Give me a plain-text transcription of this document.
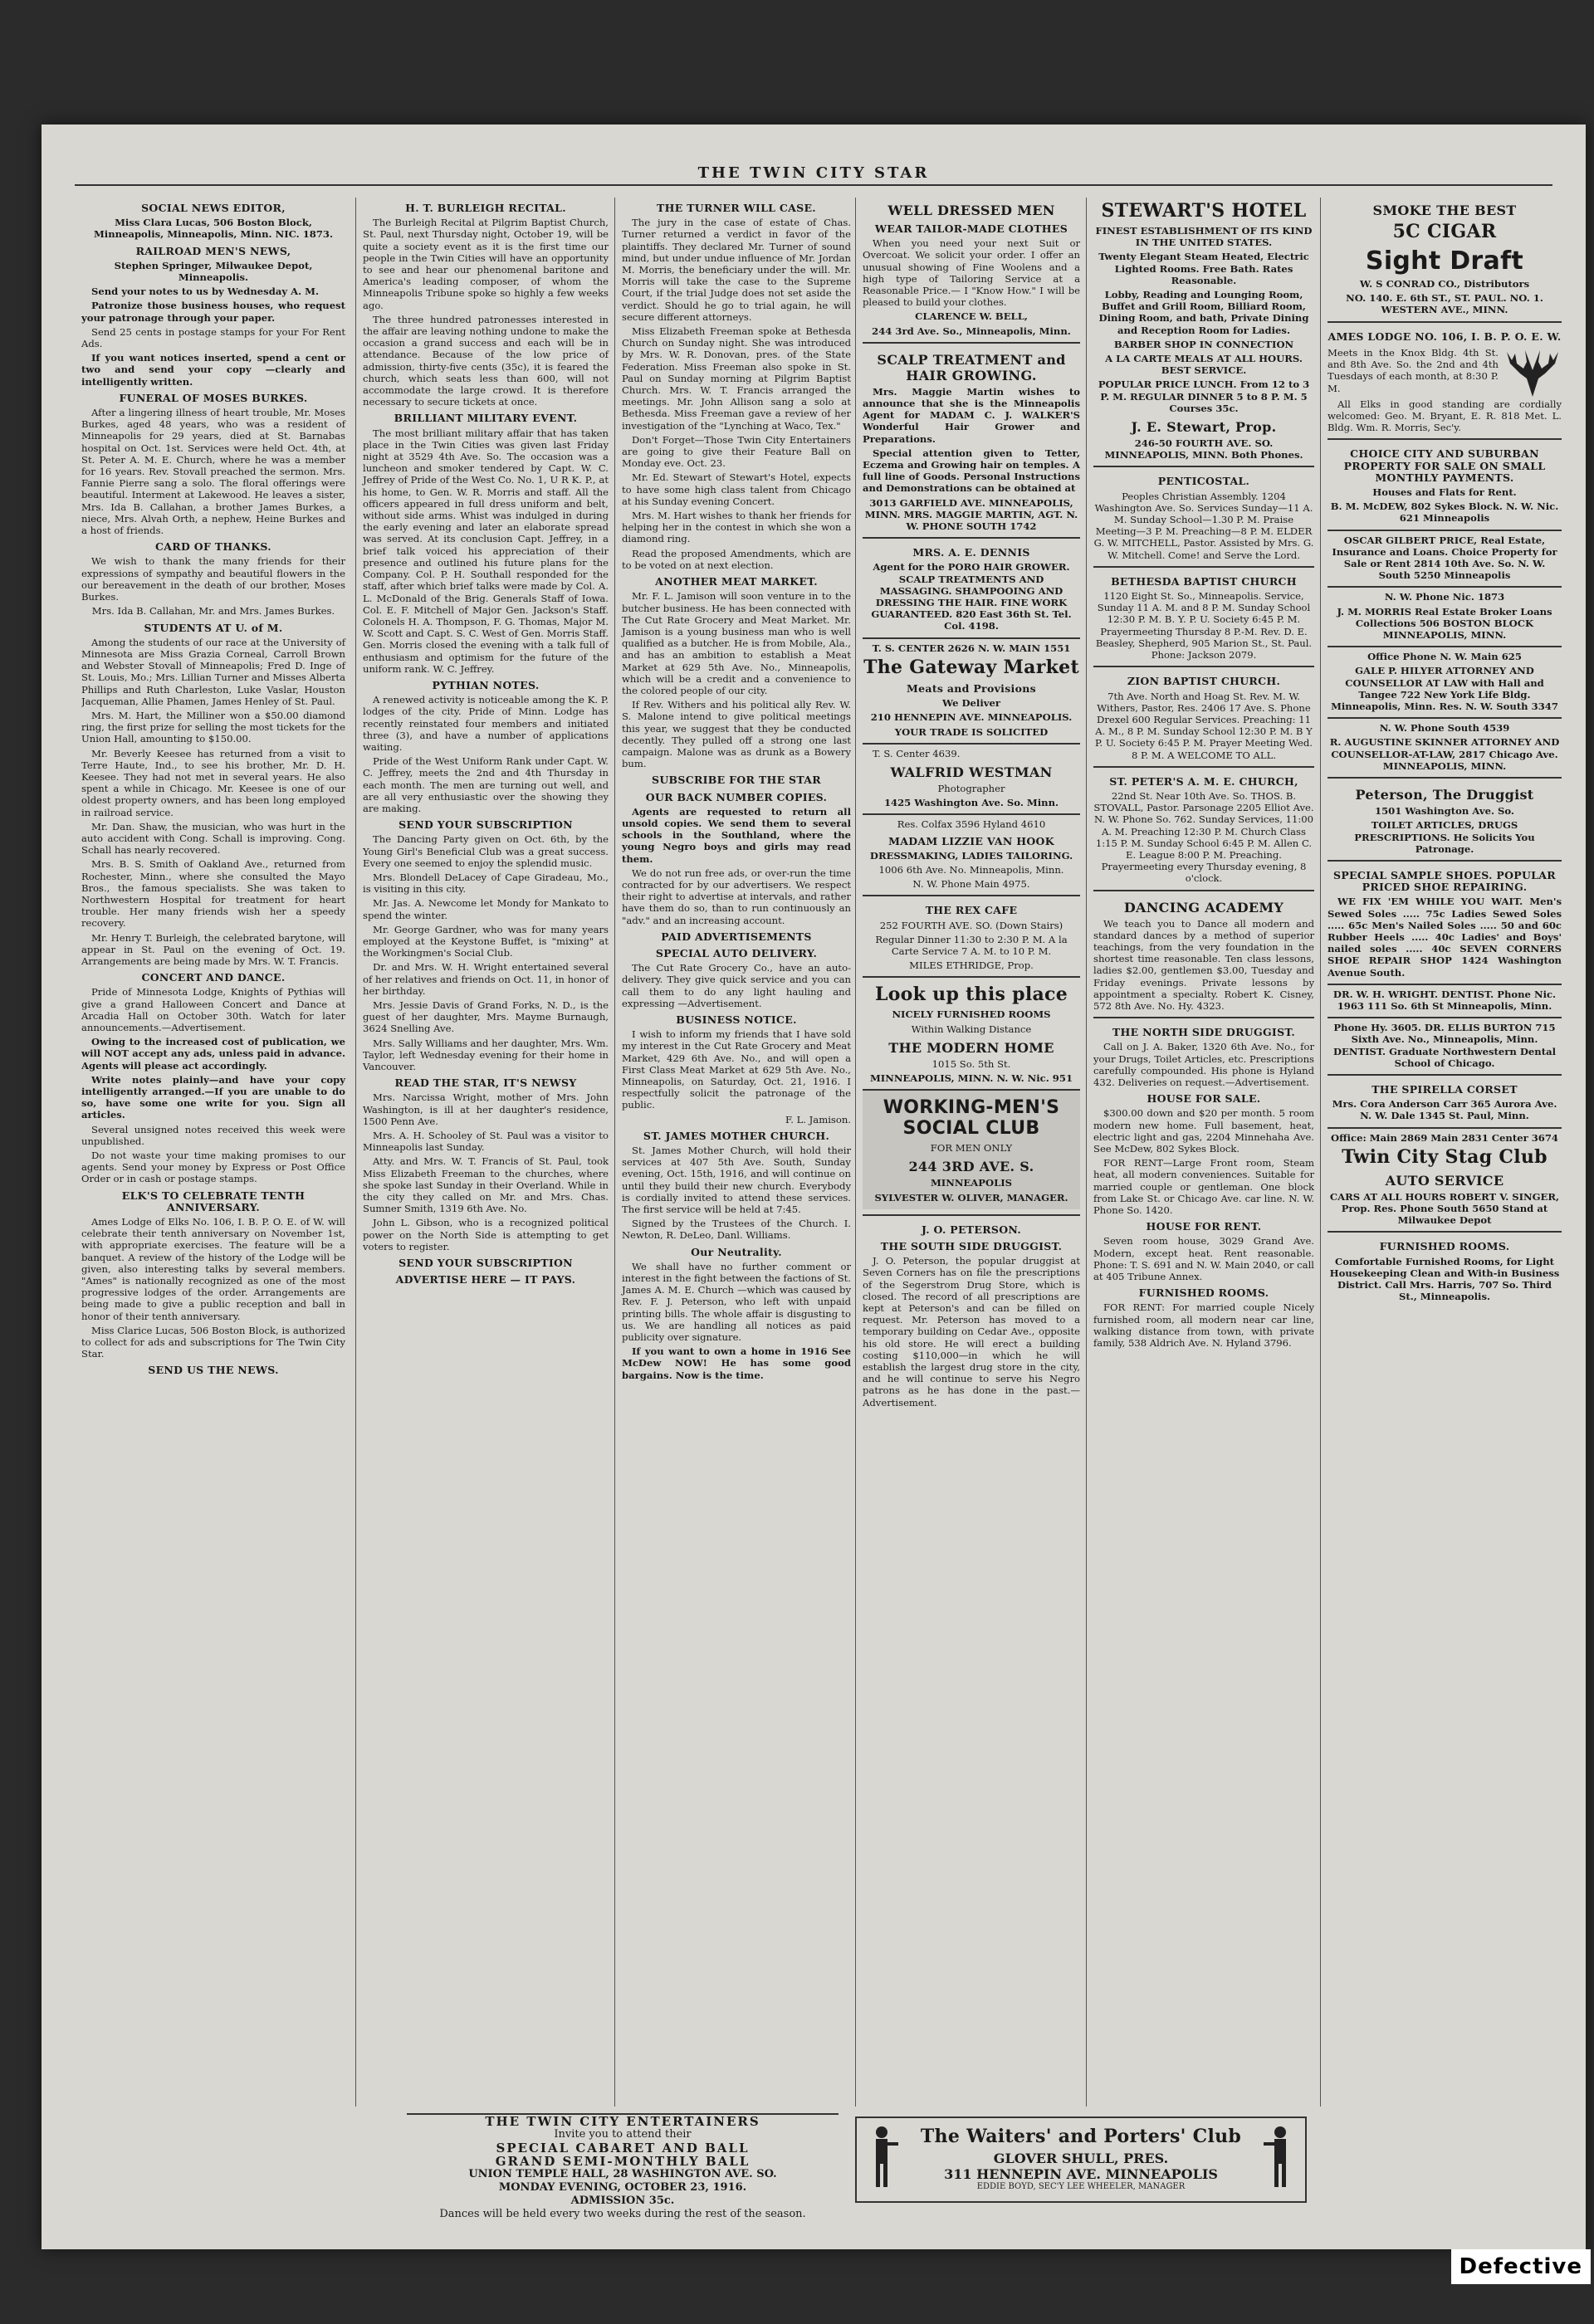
THE TWIN CITY STAR
SOCIAL NEWS EDITOR,

Miss Clara Lucas, 506 Boston Block, Minneapolis, Minneapolis, Minn. NIC. 1873.

RAILROAD MEN'S NEWS,

Stephen Springer, Milwaukee Depot, Minneapolis.

Send your notes to us by Wednesday A. M.

Patronize those business houses, who request your patronage through your paper.

Send 25 cents in postage stamps for your For Rent Ads.

If you want notices inserted, spend a cent or two and send your copy —clearly and intelligently written.

FUNERAL OF MOSES BURKES.

After a lingering illness of heart trouble, Mr. Moses Burkes, aged 48 years, who was a resident of Minneapolis for 29 years, died at St. Barnabas hospital on Oct. 1st. Services were held Oct. 4th, at St. Peter A. M. E. Church, where he was a member for 16 years. Rev. Stovall preached the sermon. Mrs. Fannie Pierre sang a solo. The floral offerings were beautiful. Interment at Lakewood. He leaves a sister, Mrs. Ida B. Callahan, a brother James Burkes, a niece, Mrs. Alvah Orth, a nephew, Heine Burkes and a host of friends.

CARD OF THANKS.

We wish to thank the many friends for their expressions of sympathy and beautiful flowers in the our bereavement in the death of our brother, Moses Burkes.

Mrs. Ida B. Callahan, Mr. and Mrs. James Burkes.

STUDENTS AT U. of M.

Among the students of our race at the University of Minnesota are Miss Grazia Corneal, Carroll Brown and Webster Stovall of Minneapolis; Fred D. Inge of St. Louis, Mo.; Mrs. Lillian Turner and Misses Alberta Phillips and Ruth Charleston, Luke Vaslar, Houston Jacqueman, Allie Phamen, James Henley of St. Paul.

Mrs. M. Hart, the Milliner won a $50.00 diamond ring, the first prize for selling the most tickets for the Union Hall, amounting to $150.00.

Mr. Beverly Keesee has returned from a visit to Terre Haute, Ind., to see his brother, Mr. D. H. Keesee. They had not met in several years. He also spent a while in Chicago. Mr. Keesee is one of our oldest property owners, and has been long employed in railroad service.

Mr. Dan. Shaw, the musician, who was hurt in the auto accident with Cong. Schall is improving. Cong. Schall has nearly recovered.

Mrs. B. S. Smith of Oakland Ave., returned from Rochester, Minn., where she consulted the Mayo Bros., the famous specialists. She was taken to Northwestern Hospital for treatment for heart trouble. Her many friends wish her a speedy recovery.

Mr. Henry T. Burleigh, the celebrated barytone, will appear in St. Paul on the evening of Oct. 19. Arrangements are being made by Mrs. W. T. Francis.

CONCERT AND DANCE.

Pride of Minnesota Lodge, Knights of Pythias will give a grand Halloween Concert and Dance at Arcadia Hall on October 30th. Watch for later announcements.—Advertisement.

Owing to the increased cost of publication, we will NOT accept any ads, unless paid in advance. Agents will please act accordingly.

Write notes plainly—and have your copy intelligently arranged.—If you are unable to do so, have some one write for you. Sign all articles.

Several unsigned notes received this week were unpublished.

Do not waste your time making promises to our agents. Send your money by Express or Post Office Order or in cash or postage stamps.

ELK'S TO CELEBRATE TENTH ANNIVERSARY.

Ames Lodge of Elks No. 106, I. B. P. O. E. of W. will celebrate their tenth anniversary on November 1st, with appropriate exercises. The feature will be a banquet. A review of the history of the Lodge will be given, also interesting talks by several members. "Ames" is nationally recognized as one of the most progressive lodges of the order. Arrangements are being made to give a public reception and ball in honor of their tenth anniversary.

Miss Clarice Lucas, 506 Boston Block, is authorized to collect for ads and subscriptions for The Twin City Star.

SEND US THE NEWS.
H. T. BURLEIGH RECITAL.

The Burleigh Recital at Pilgrim Baptist Church, St. Paul, next Thursday night, October 19, will be quite a society event as it is the first time our people in the Twin Cities will have an opportunity to see and hear our phenomenal baritone and America's leading composer, of whom the Minneapolis Tribune spoke so highly a few weeks ago.

The three hundred patronesses interested in the affair are leaving nothing undone to make the occasion a grand success and each will be in attendance. Because of the low price of admission, thirty-five cents (35c), it is feared the church, which seats less than 600, will not accommodate the large crowd. It is therefore necessary to secure tickets at once.

BRILLIANT MILITARY EVENT.

The most brilliant military affair that has taken place in the Twin Cities was given last Friday night at 3529 4th Ave. So. The occasion was a luncheon and smoker tendered by Capt. W. C. Jeffrey of Pride of the West Co. No. 1, U R K. P., at his home, to Gen. W. R. Morris and staff. All the officers appeared in full dress uniform and belt, without side arms. Whist was indulged in during the early evening and later an elaborate spread was served. At its conclusion Capt. Jeffrey, in a brief talk voiced his appreciation of their presence and outlined his future plans for the Company. Col. P. H. Southall responded for the staff, after which brief talks were made by Col. A. L. McDonald of the Brig. Generals Staff of Iowa. Col. E. F. Mitchell of Major Gen. Jackson's Staff. Colonels H. A. Thompson, F. G. Thomas, Major M. W. Scott and Capt. S. C. West of Gen. Morris Staff. Gen. Morris closed the evening with a talk full of enthusiasm and optimism for the future of the uniform rank. W. C. Jeffrey.

PYTHIAN NOTES.

A renewed activity is noticeable among the K. P. lodges of the city. Pride of Minn. Lodge has recently reinstated four members and initiated three (3), and have a number of applications waiting.

Pride of the West Uniform Rank under Capt. W. C. Jeffrey, meets the 2nd and 4th Thursday in each month. The men are turning out well, and are all very enthusiastic over the showing they are making.

SEND YOUR SUBSCRIPTION

The Dancing Party given on Oct. 6th, by the Young Girl's Beneficial Club was a great success. Every one seemed to enjoy the splendid music.

Mrs. Blondell DeLacey of Cape Giradeau, Mo., is visiting in this city.

Mr. Jas. A. Newcome let Mondy for Mankato to spend the winter.

Mr. George Gardner, who was for many years employed at the Keystone Buffet, is "mixing" at the Workingmen's Social Club.

Dr. and Mrs. W. H. Wright entertained several of her relatives and friends on Oct. 11, in honor of her birthday.

Mrs. Jessie Davis of Grand Forks, N. D., is the guest of her daughter, Mrs. Mayme Burnaugh, 3624 Snelling Ave.

Mrs. Sally Williams and her daughter, Mrs. Wm. Taylor, left Wednesday evening for their home in Vancouver.

READ THE STAR, IT'S NEWSY

Mrs. Narcissa Wright, mother of Mrs. John Washington, is ill at her daughter's residence, 1500 Penn Ave.

Mrs. A. H. Schooley of St. Paul was a visitor to Minneapolis last Sunday.

Atty. and Mrs. W. T. Francis of St. Paul, took Miss Elizabeth Freeman to the churches, where she spoke last Sunday in their Overland. While in the city they called on Mr. and Mrs. Chas. Sumner Smith, 1319 6th Ave. No.

John L. Gibson, who is a recognized political power on the North Side is attempting to get voters to register.

SEND YOUR SUBSCRIPTION
ADVERTISE HERE — IT PAYS.
THE TURNER WILL CASE.

The jury in the case of estate of Chas. Turner returned a verdict in favor of the plaintiffs. They declared Mr. Turner of sound mind, but under undue influence of Mr. Jordan M. Morris, the beneficiary under the will. Mr. Morris will take the case to the Supreme Court, if the trial Judge does not set aside the verdict. Should he go to trial again, he will secure different attorneys.

Miss Elizabeth Freeman spoke at Bethesda Church on Sunday night. She was introduced by Mrs. W. R. Donovan, pres. of the State Federation. Miss Freeman also spoke in St. Paul on Sunday morning at Pilgrim Baptist Church. Mrs. W. T. Francis arranged the meetings. Mr. John Allison sang a solo at Bethesda. Miss Freeman gave a review of her investigation of the "Lynching at Waco, Tex."

Don't Forget—Those Twin City Entertainers are going to give their Feature Ball on Monday eve. Oct. 23.

Mr. Ed. Stewart of Stewart's Hotel, expects to have some high class talent from Chicago at his Sunday evening Concert.

Mrs. M. Hart wishes to thank her friends for helping her in the contest in which she won a diamond ring.

Read the proposed Amendments, which are to be voted on at next election.

ANOTHER MEAT MARKET.

Mr. F. L. Jamison will soon venture in to the butcher business. He has been connected with The Cut Rate Grocery and Meat Market. Mr. Jamison is a young business man who is well qualified as a butcher. He is from Mobile, Ala., and has an ambition to establish a Meat Market at 629 5th Ave. No., Minneapolis, which will be a credit and a convenience to the colored people of our city.

If Rev. Withers and his political ally Rev. W. S. Malone intend to give political meetings this year, we suggest that they be conducted decently. They pulled off a strong one last campaign. Malone was as drunk as a Bowery bum.

SUBSCRIBE FOR THE STAR
OUR BACK NUMBER COPIES.

Agents are requested to return all unsold copies. We send them to several schools in the Southland, where the young Negro boys and girls may read them.

We do not run free ads, or over-run the time contracted for by our advertisers. We respect their right to advertise at intervals, and rather have them do so, than to run continuously an "adv." and an increasing account.

PAID ADVERTISEMENTS
SPECIAL AUTO DELIVERY.

The Cut Rate Grocery Co., have an auto-delivery. They give quick service and you can call them to do any light hauling and expressing —Advertisement.

BUSINESS NOTICE.

I wish to inform my friends that I have sold my interest in the Cut Rate Grocery and Meat Market, 429 6th Ave. No., and will open a First Class Meat Market at 629 5th Ave. No., Minneapolis, on Saturday, Oct. 21, 1916. I respectfully solicit the patronage of the public.

F. L. Jamison.

ST. JAMES MOTHER CHURCH.

St. James Mother Church, will hold their services at 407 5th Ave. South, Sunday evening, Oct. 15th, 1916, and will continue on until they build their new church. Everybody is cordially invited to attend these services. The first service will be held at 7:45.

Signed by the Trustees of the Church. I. Newton, R. DeLeo, Danl. Williams.

Our Neutrality.

We shall have no further comment or interest in the fight between the factions of St. James A. M. E. Church —which was caused by Rev. F. J. Peterson, who left with unpaid printing bills. The whole affair is disgusting to us. We are handling all notices as paid publicity over signature.

If you want to own a home in 1916 See McDew NOW! He has some good bargains. Now is the time.

WELL DRESSED MEN
WEAR TAILOR-MADE CLOTHES

When you need your next Suit or Overcoat. We solicit your order. I offer an unusual showing of Fine Woolens and a high type of Tailoring Service at a Reasonable Price.— I "Know How." I will be pleased to build your clothes.

CLARENCE W. BELL,

244 3rd Ave. So., Minneapolis, Minn.

SCALP TREATMENT and HAIR GROWING.

Mrs. Maggie Martin wishes to announce that she is the Minneapolis Agent for MADAM C. J. WALKER'S Wonderful Hair Grower and Preparations.

Special attention given to Tetter, Eczema and Growing hair on temples. A full line of Goods. Personal Instructions and Demonstrations can be obtained at

3013 GARFIELD AVE. MINNEAPOLIS, MINN. MRS. MAGGIE MARTIN, AGT. N. W. PHONE SOUTH 1742

MRS. A. E. DENNIS

Agent for the PORO HAIR GROWER. SCALP TREATMENTS AND MASSAGING. SHAMPOOING AND DRESSING THE HAIR. FINE WORK GUARANTEED. 820 East 36th St. Tel. Col. 4198.

T. S. CENTER 2626 N. W. MAIN 1551

The Gateway Market
Meats and Provisions

We Deliver

210 HENNEPIN AVE. MINNEAPOLIS.

YOUR TRADE IS SOLICITED

T. S. Center 4639.

WALFRID WESTMAN

Photographer

1425 Washington Ave. So. Minn.

Res. Colfax 3596 Hyland 4610

MADAM LIZZIE VAN HOOK

DRESSMAKING, LADIES TAILORING.

1006 6th Ave. No. Minneapolis, Minn.

N. W. Phone Main 4975.

THE REX CAFE

252 FOURTH AVE. SO. (Down Stairs)

Regular Dinner 11:30 to 2:30 P. M. A la Carte Service 7 A. M. to 10 P. M.

MILES ETHRIDGE, Prop.

Look up this place

NICELY FURNISHED ROOMS

Within Walking Distance

THE MODERN HOME

1015 So. 5th St.

MINNEAPOLIS, MINN. N. W. Nic. 951

WORKING-MEN'S SOCIAL CLUB

FOR MEN ONLY

244 3RD AVE. S.

MINNEAPOLIS

SYLVESTER W. OLIVER, MANAGER.

J. O. PETERSON.
THE SOUTH SIDE DRUGGIST.

J. O. Peterson, the popular druggist at Seven Corners has on file the prescriptions of the Segerstrom Drug Store, which is closed. The record of all prescriptions are kept at Peterson's and can be filled on request. Mr. Peterson has moved to a temporary building on Cedar Ave., opposite his old store. He will erect a building costing $110,000—in which he will establish the largest drug store in the city, and he will continue to serve his Negro patrons as he has done in the past.—Advertisement.

STEWART'S HOTEL

FINEST ESTABLISHMENT OF ITS KIND IN THE UNITED STATES.

Twenty Elegant Steam Heated, Electric Lighted Rooms. Free Bath. Rates Reasonable.

Lobby, Reading and Lounging Room, Buffet and Grill Room, Billiard Room, Dining Room, and bath, Private Dining and Reception Room for Ladies.

BARBER SHOP IN CONNECTION

A LA CARTE MEALS AT ALL HOURS. BEST SERVICE.

POPULAR PRICE LUNCH. From 12 to 3 P. M. REGULAR DINNER 5 to 8 P. M. 5 Courses 35c.

J. E. Stewart, Prop.

246-50 FOURTH AVE. SO. MINNEAPOLIS, MINN. Both Phones.

PENTICOSTAL.

Peoples Christian Assembly. 1204 Washington Ave. So. Services Sunday—11 A. M. Sunday School—1.30 P. M. Praise Meeting—3 P. M. Preaching—8 P. M. ELDER G. W. MITCHELL, Pastor. Assisted by Mrs. G. W. Mitchell. Come! and Serve the Lord.

BETHESDA BAPTIST CHURCH

1120 Eight St. So., Minneapolis. Service, Sunday 11 A. M. and 8 P. M. Sunday School 12:30 P. M. B. Y. P. U. Society 6:45 P. M. Prayermeeting Thursday 8 P.-M. Rev. D. E. Beasley, Shepherd, 905 Marion St., St. Paul. Phone: Jackson 2079.

ZION BAPTIST CHURCH.

7th Ave. North and Hoag St. Rev. M. W. Withers, Pastor, Res. 2406 17 Ave. S. Phone Drexel 600 Regular Services. Preaching: 11 A. M., 8 P. M. Sunday School 12:30 P. M. B Y P. U. Society 6:45 P. M. Prayer Meeting Wed. 8 P. M. A WELCOME TO ALL.

ST. PETER'S A. M. E. CHURCH,

22nd St. Near 10th Ave. So. THOS. B. STOVALL, Pastor. Parsonage 2205 Elliot Ave. N. W. Phone So. 762. Sunday Services, 11:00 A. M. Preaching 12:30 P. M. Church Class 1:15 P. M. Sunday School 6:45 P. M. Allen C. E. League 8:00 P. M. Preaching. Prayermeeting every Thursday evening, 8 o'clock.

DANCING ACADEMY

We teach you to Dance all modern and standard dances by a method of superior teachings, from the very foundation in the shortest time reasonable. Ten class lessons, ladies $2.00, gentlemen $3.00, Tuesday and Friday evenings. Private lessons by appointment a specialty. Robert K. Cisney, 572 8th Ave. No. Hy. 4323.

THE NORTH SIDE DRUGGIST.

Call on J. A. Baker, 1320 6th Ave. No., for your Drugs, Toilet Articles, etc. Prescriptions carefully compounded. His phone is Hyland 432. Deliveries on request.—Advertisement.

HOUSE FOR SALE.

$300.00 down and $20 per month. 5 room modern new home. Full basement, heat, electric light and gas, 2204 Minnehaha Ave. See McDew, 802 Sykes Block.

FOR RENT—Large Front room, Steam heat, all modern conveniences. Suitable for married couple or gentleman. One block from Lake St. or Chicago Ave. car line. N. W. Phone So. 1420.

HOUSE FOR RENT.

Seven room house, 3029 Grand Ave. Modern, except heat. Rent reasonable. Phone: T. S. 691 and N. W. Main 2040, or call at 405 Tribune Annex.

FURNISHED ROOMS.

FOR RENT: For married couple Nicely furnished room, all modern near car line, walking distance from town, with private family, 538 Aldrich Ave. N. Hyland 3796.

SMOKE THE BEST
5C CIGAR
Sight Draft

W. S CONRAD CO., Distributors

NO. 140. E. 6th ST., ST. PAUL. NO. 1. WESTERN AVE., MINN.

AMES LODGE NO. 106, I. B. P. O. E. W.

Meets in the Knox Bldg. 4th St. and 8th Ave. So. the 2nd and 4th Tuesdays of each month, at 8:30 P. M.

All Elks in good standing are cordially welcomed: Geo. M. Bryant, E. R. 818 Met. L. Bldg. Wm. R. Morris, Sec'y.

CHOICE CITY AND SUBURBAN PROPERTY FOR SALE ON SMALL MONTHLY PAYMENTS.

Houses and Flats for Rent.

B. M. McDEW, 802 Sykes Block. N. W. Nic. 621 Minneapolis

OSCAR GILBERT PRICE, Real Estate, Insurance and Loans. Choice Property for Sale or Rent 2814 10th Ave. So. N. W. South 5250 Minneapolis

N. W. Phone Nic. 1873

J. M. MORRIS Real Estate Broker Loans Collections 506 BOSTON BLOCK MINNEAPOLIS, MINN.

Office Phone N. W. Main 625

GALE P. HILYER ATTORNEY AND COUNSELLOR AT LAW with Hall and Tangee 722 New York Life Bldg. Minneapolis, Minn. Res. N. W. South 3347

N. W. Phone South 4539

R. AUGUSTINE SKINNER ATTORNEY AND COUNSELLOR-AT-LAW, 2817 Chicago Ave. MINNEAPOLIS, MINN.

Peterson, The Druggist

1501 Washington Ave. So.

TOILET ARTICLES, DRUGS PRESCRIPTIONS. He Solicits You Patronage.

SPECIAL SAMPLE SHOES. POPULAR PRICED SHOE REPAIRING.

WE FIX 'EM WHILE YOU WAIT. Men's Sewed Soles ..... 75c Ladies Sewed Soles ..... 65c Men's Nailed Soles ..... 50 and 60c Rubber Heels ..... 40c Ladies' and Boys' nailed soles ..... 40c SEVEN CORNERS SHOE REPAIR SHOP 1424 Washington Avenue South.

DR. W. H. WRIGHT. DENTIST. Phone Nic. 1963 111 So. 6th St Minneapolis, Minn.

Phone Hy. 3605. DR. ELLIS BURTON 715 Sixth Ave. No., Minneapolis, Minn. DENTIST. Graduate Northwestern Dental School of Chicago.

THE SPIRELLA CORSET

Mrs. Cora Anderson Carr 365 Aurora Ave. N. W. Dale 1345 St. Paul, Minn.

Office: Main 2869 Main 2831 Center 3674

Twin City Stag Club
AUTO SERVICE

CARS AT ALL HOURS ROBERT V. SINGER, Prop. Res. Phone South 5650 Stand at Milwaukee Depot

FURNISHED ROOMS.

Comfortable Furnished Rooms, for Light Housekeeping Clean and With-in Business District. Call Mrs. Harris, 707 So. Third St., Minneapolis.

THE TWIN CITY ENTERTAINERS
Invite you to attend their
SPECIAL CABARET AND BALL
GRAND SEMI-MONTHLY BALL
UNION TEMPLE HALL, 28 WASHINGTON AVE. SO.
MONDAY EVENING, OCTOBER 23, 1916.
ADMISSION 35c.
Dances will be held every two weeks during the rest of the season.
The Waiters' and Porters' Club
GLOVER SHULL, PRES.
311 HENNEPIN AVE. MINNEAPOLIS
EDDIE BOYD, SEC'Y LEE WHEELER, MANAGER
Defective
